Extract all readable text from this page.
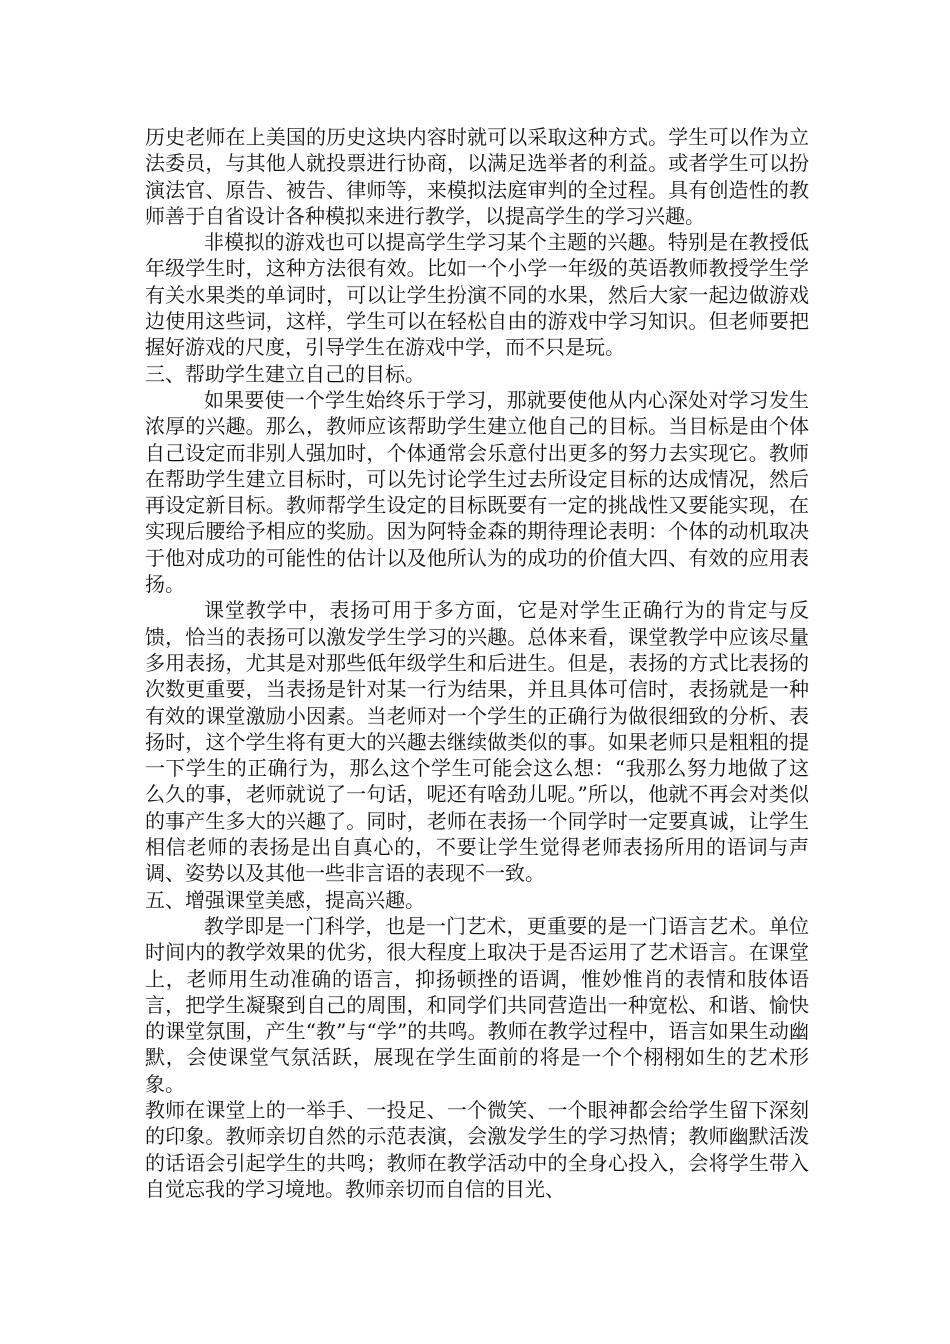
历史老师在上美国的历史这块内容时就可以采取这种方式。学生可以作为立法委员，与其他人就投票进行协商，以满足选举者的利益。或者学生可以扮演法官、原告、被告、律师等，来模拟法庭审判的全过程。具有创造性的教师善于自省设计各种模拟来进行教学，以提高学生的学习兴趣。

非模拟的游戏也可以提高学生学习某个主题的兴趣。特别是在教授低年级学生时，这种方法很有效。比如一个小学一年级的英语教师教授学生学有关水果类的单词时，可以让学生扮演不同的水果，然后大家一起边做游戏边使用这些词，这样，学生可以在轻松自由的游戏中学习知识。但老师要把握好游戏的尺度，引导学生在游戏中学，而不只是玩。

三、帮助学生建立自己的目标。

如果要使一个学生始终乐于学习，那就要使他从内心深处对学习发生浓厚的兴趣。那么，教师应该帮助学生建立他自己的目标。当目标是由个体自己设定而非别人强加时，个体通常会乐意付出更多的努力去实现它。教师在帮助学生建立目标时，可以先讨论学生过去所设定目标的达成情况，然后再设定新目标。教师帮学生设定的目标既要有一定的挑战性又要能实现，在实现后腰给予相应的奖励。因为阿特金森的期待理论表明：个体的动机取决于他对成功的可能性的估计以及他所认为的成功的价值大四、有效的应用表扬。

课堂教学中，表扬可用于多方面，它是对学生正确行为的肯定与反馈，恰当的表扬可以激发学生学习的兴趣。总体来看，课堂教学中应该尽量多用表扬，尤其是对那些低年级学生和后进生。但是，表扬的方式比表扬的次数更重要，当表扬是针对某一行为结果，并且具体可信时，表扬就是一种有效的课堂激励小因素。当老师对一个学生的正确行为做很细致的分析、表扬时，这个学生将有更大的兴趣去继续做类似的事。如果老师只是粗粗的提一下学生的正确行为，那么这个学生可能会这么想：“我那么努力地做了这么久的事，老师就说了一句话，呢还有啥劲儿呢。”所以，他就不再会对类似的事产生多大的兴趣了。同时，老师在表扬一个同学时一定要真诚，让学生相信老师的表扬是出自真心的，不要让学生觉得老师表扬所用的语词与声调、姿势以及其他一些非言语的表现不一致。

五、增强课堂美感，提高兴趣。

教学即是一门科学，也是一门艺术，更重要的是一门语言艺术。单位时间内的教学效果的优劣，很大程度上取决于是否运用了艺术语言。在课堂上，老师用生动准确的语言，抑扬顿挫的语调，惟妙惟肖的表情和肢体语言，把学生凝聚到自己的周围，和同学们共同营造出一种宽松、和谐、愉快的课堂氛围，产生“教”与“学”的共鸣。教师在教学过程中，语言如果生动幽默，会使课堂气氛活跃，展现在学生面前的将是一个个栩栩如生的艺术形象。

教师在课堂上的一举手、一投足、一个微笑、一个眼神都会给学生留下深刻的印象。教师亲切自然的示范表演，会激发学生的学习热情；教师幽默活泼的话语会引起学生的共鸣；教师在教学活动中的全身心投入，会将学生带入自觉忘我的学习境地。教师亲切而自信的目光、
